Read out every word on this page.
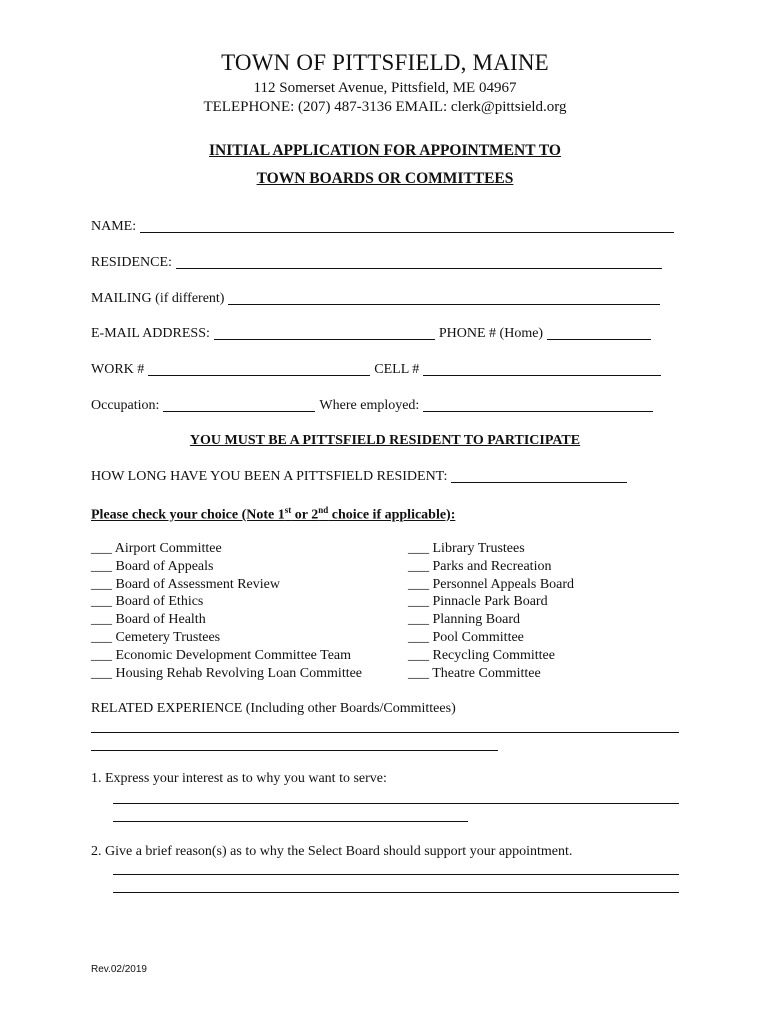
TOWN OF PITTSFIELD, MAINE
112 Somerset Avenue, Pittsfield, ME 04967
TELEPHONE: (207) 487-3136 EMAIL: clerk@pittsield.org
INITIAL APPLICATION FOR APPOINTMENT TO
TOWN BOARDS OR COMMITTEES
NAME:
RESIDENCE:
MAILING (if different)
E-MAIL ADDRESS:	PHONE # (Home)
WORK #	CELL #
Occupation:	Where employed:
YOU MUST BE A PITTSFIELD RESIDENT TO PARTICIPATE
HOW LONG HAVE YOU BEEN A PITTSFIELD RESIDENT:
Please check your choice (Note 1st or 2nd choice if applicable):
___ Airport Committee
___ Board of Appeals
___ Board of Assessment Review
___ Board of Ethics
___ Board of Health
___ Cemetery Trustees
___ Economic Development Committee Team
___ Housing Rehab Revolving Loan Committee
___ Library Trustees
___ Parks and Recreation
___ Personnel Appeals Board
___ Pinnacle Park Board
___ Planning Board
___ Pool Committee
___ Recycling Committee
___ Theatre Committee
RELATED EXPERIENCE (Including other Boards/Committees)
1. Express your interest as to why you want to serve:
2. Give a brief reason(s) as to why the Select Board should support your appointment.
Rev.02/2019
